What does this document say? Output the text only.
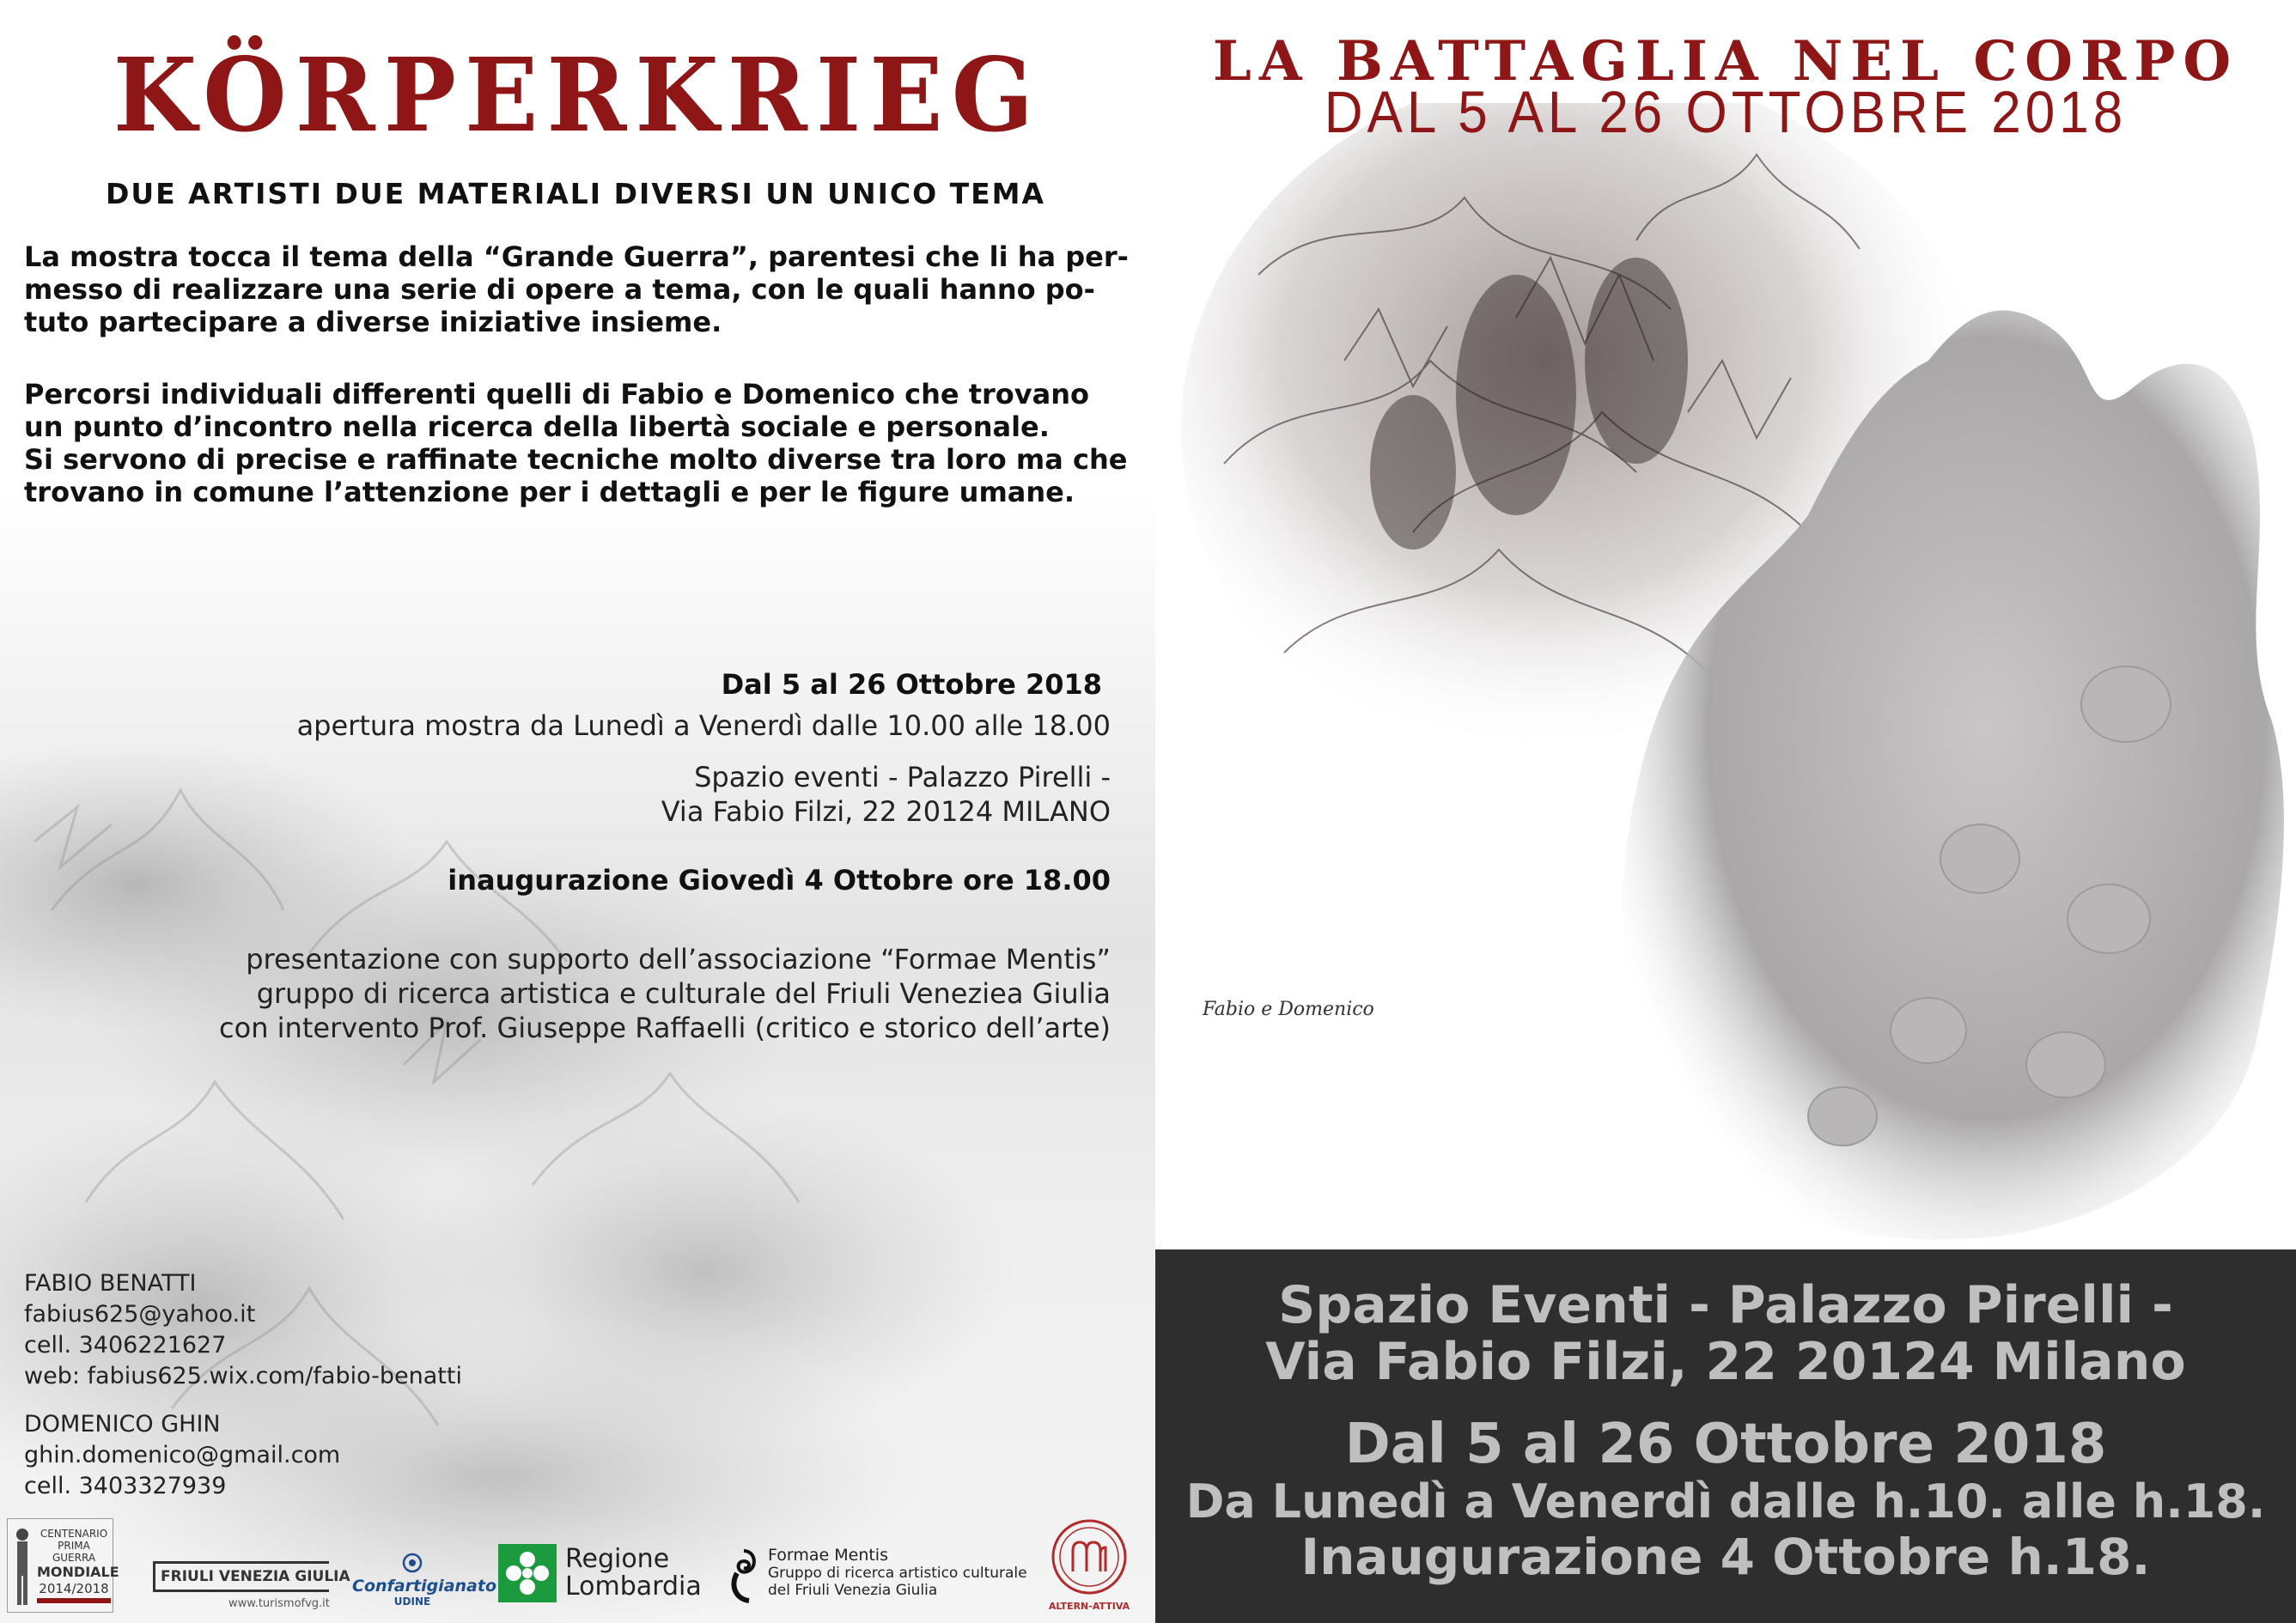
KÖRPERKRIEG
DUE ARTISTI DUE MATERIALI DIVERSI UN UNICO TEMA

La mostra tocca il tema della “Grande Guerra”, parentesi che li ha per-

messo di realizzare una serie di opere a tema, con le quali hanno po-

tuto partecipare a diverse iniziative insieme.

Percorsi individuali differenti quelli di Fabio e Domenico che trovano

un punto d’incontro nella ricerca della libertà sociale e personale.

Si servono di precise e raffinate tecniche molto diverse tra loro ma che

trovano in comune l’attenzione per i dettagli e per le figure umane.

Dal 5 al 26 Ottobre 2018
apertura mostra da Lunedì a Venerdì dalle 10.00 alle 18.00
Spazio eventi - Palazzo Pirelli -
Via Fabio Filzi, 22 20124 MILANO
inaugurazione Giovedì 4 Ottobre ore 18.00
presentazione con supporto dell’associazione “Formae Mentis”
gruppo di ricerca artistica e culturale del Friuli Veneziea Giulia
con intervento Prof. Giuseppe Raffaelli (critico e storico dell’arte)
FABIO BENATTI
fabius625@yahoo.it
cell. 3406221627
web: fabius625.wix.com/fabio-benatti
DOMENICO GHIN
ghin.domenico@gmail.com
cell. 3403327939
CENTENARIO
PRIMA GUERRA
MONDIALE
2014/2018
FRIULI VENEZIA GIULIA
www.turismofvg.it
Confartigianato
UDINE
Regione
Lombardia
Formae Mentis
Gruppo di ricerca artistico culturale
del Friuli Venezia Giulia
ALTERN-ATTIVA
Fabio e Domenico
LA BATTAGLIA NEL CORPO
DAL 5 AL 26 OTTOBRE 2018
Spazio Eventi - Palazzo Pirelli -
Via Fabio Filzi, 22 20124 Milano
Dal 5 al 26 Ottobre 2018
Da Lunedì a Venerdì dalle h.10. alle h.18.
Inaugurazione 4 Ottobre h.18.
